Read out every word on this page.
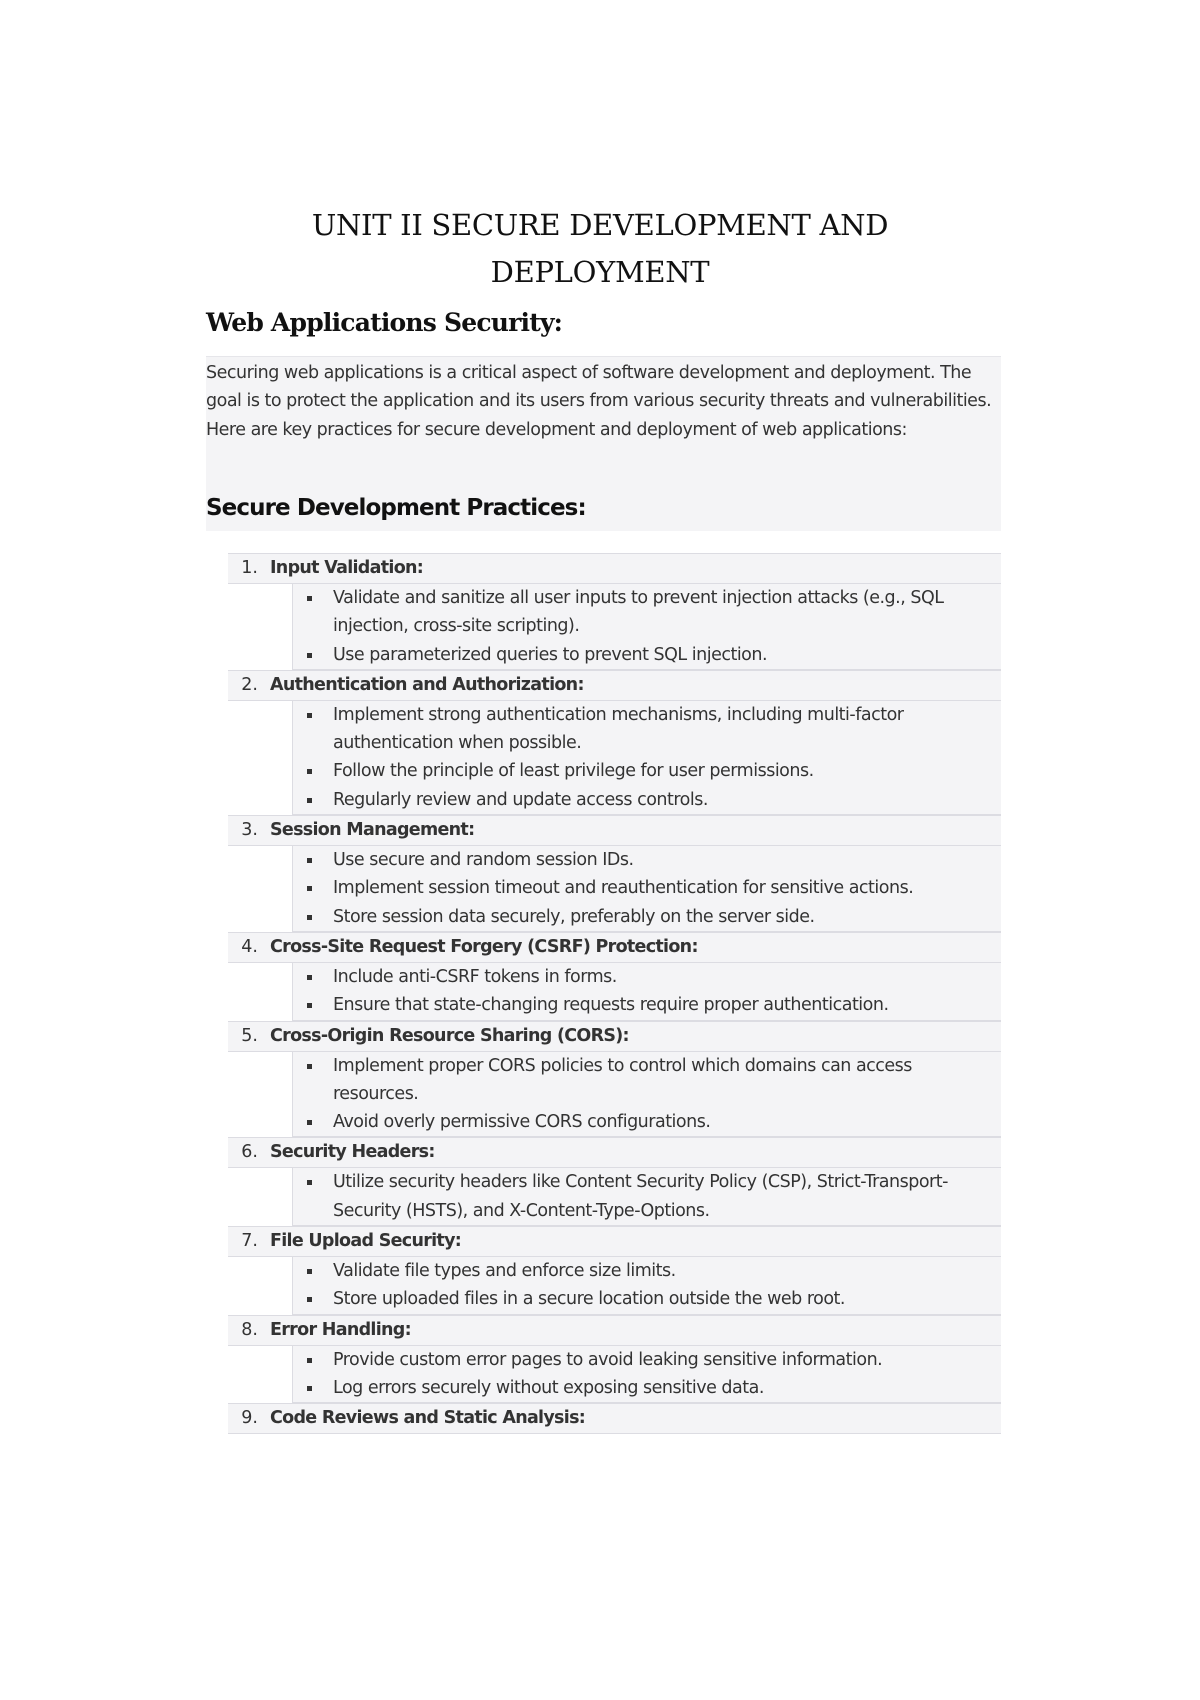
UNIT II SECURE DEVELOPMENT AND DEPLOYMENT
Web Applications Security:

Securing web applications is a critical aspect of software development and deployment. The goal is to protect the application and its users from various security threats and vulnerabilities. Here are key practices for secure development and deployment of web applications:

Secure Development Practices:
1. Input Validation:
Validate and sanitize all user inputs to prevent injection attacks (e.g., SQL injection, cross-site scripting).
Use parameterized queries to prevent SQL injection.
2. Authentication and Authorization:
Implement strong authentication mechanisms, including multi-factor authentication when possible.
Follow the principle of least privilege for user permissions.
Regularly review and update access controls.
3. Session Management:
Use secure and random session IDs.
Implement session timeout and reauthentication for sensitive actions.
Store session data securely, preferably on the server side.
4. Cross-Site Request Forgery (CSRF) Protection:
Include anti-CSRF tokens in forms.
Ensure that state-changing requests require proper authentication.
5. Cross-Origin Resource Sharing (CORS):
Implement proper CORS policies to control which domains can access resources.
Avoid overly permissive CORS configurations.
6. Security Headers:
Utilize security headers like Content Security Policy (CSP), Strict-Transport-Security (HSTS), and X-Content-Type-Options.
7. File Upload Security:
Validate file types and enforce size limits.
Store uploaded files in a secure location outside the web root.
8. Error Handling:
Provide custom error pages to avoid leaking sensitive information.
Log errors securely without exposing sensitive data.
9. Code Reviews and Static Analysis:
